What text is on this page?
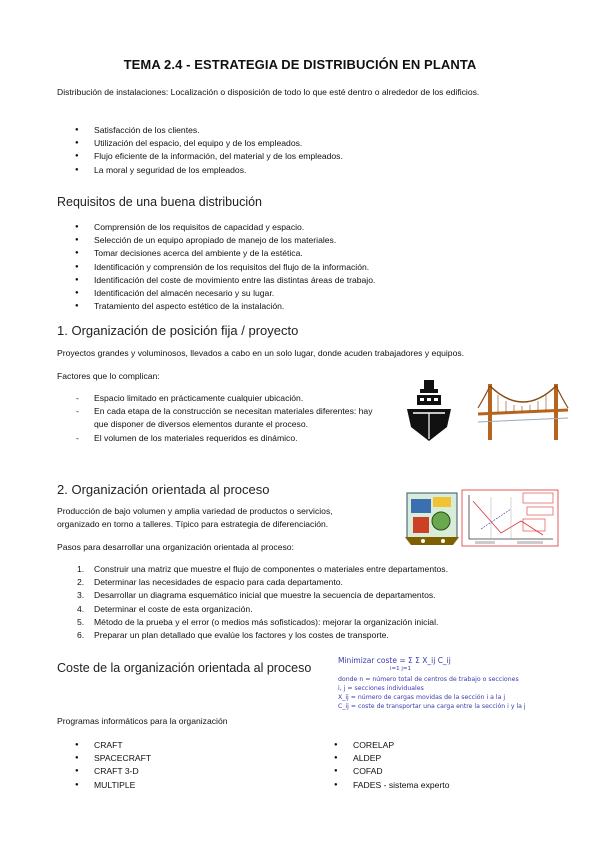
TEMA 2.4 - ESTRATEGIA DE DISTRIBUCIÓN EN PLANTA

Distribución de instalaciones: Localización o disposición de todo lo que esté dentro o alrededor de los edificios.

● Satisfacción de los clientes.
● Utilización del espacio, del equipo y de los empleados.
● Flujo eficiente de la información, del material y de los empleados.
● La moral y seguridad de los empleados.
Requisitos de una buena distribución
● Comprensión de los requisitos de capacidad y espacio.
● Selección de un equipo apropiado de manejo de los materiales.
● Tomar decisiones acerca del ambiente y de la estética.
● Identificación y comprensión de los requisitos del flujo de la información.
● Identificación del coste de movimiento entre las distintas áreas de trabajo.
● Identificación del almacén necesario y su lugar.
● Tratamiento del aspecto estético de la instalación.
1. Organización de posición fija / proyecto

Proyectos grandes y voluminosos, llevados a cabo en un solo lugar, donde acuden trabajadores y equipos.

Factores que lo complican:

- Espacio limitado en prácticamente cualquier ubicación.
- En cada etapa de la construcción se necesitan materiales diferentes: hay que disponer de diversos elementos durante el proceso.
- El volumen de los materiales requeridos es dinámico.
2. Organización orientada al proceso

Producción de bajo volumen y amplia variedad de productos o servicios, organizado en torno a talleres. Típico para estrategia de diferenciación.

Pasos para desarrollar una organización orientada al proceso:

1. Construir una matriz que muestre el flujo de componentes o materiales entre departamentos.
2. Determinar las necesidades de espacio para cada departamento.
3. Desarrollar un diagrama esquemático inicial que muestre la secuencia de departamentos.
4. Determinar el coste de esta organización.
5. Método de la prueba y el error (o medios más sofisticados): mejorar la organización inicial.
6. Preparar un plan detallado que evalúe los factores y los costes de transporte.
Coste de la organización orientada al proceso
Minimizar coste = Σ Σ X_ij C_ij
i=1 j=1
donde n = número total de centros de trabajo o secciones
i, j = secciones individuales
X_ij = número de cargas movidas de la sección i a la j
C_ij = coste de transportar una carga entre la sección i y la j

Programas informáticos para la organización

● CRAFT
● SPACECRAFT
● CRAFT 3-D
● MULTIPLE
● CORELAP
● ALDEP
● COFAD
● FADES - sistema experto
